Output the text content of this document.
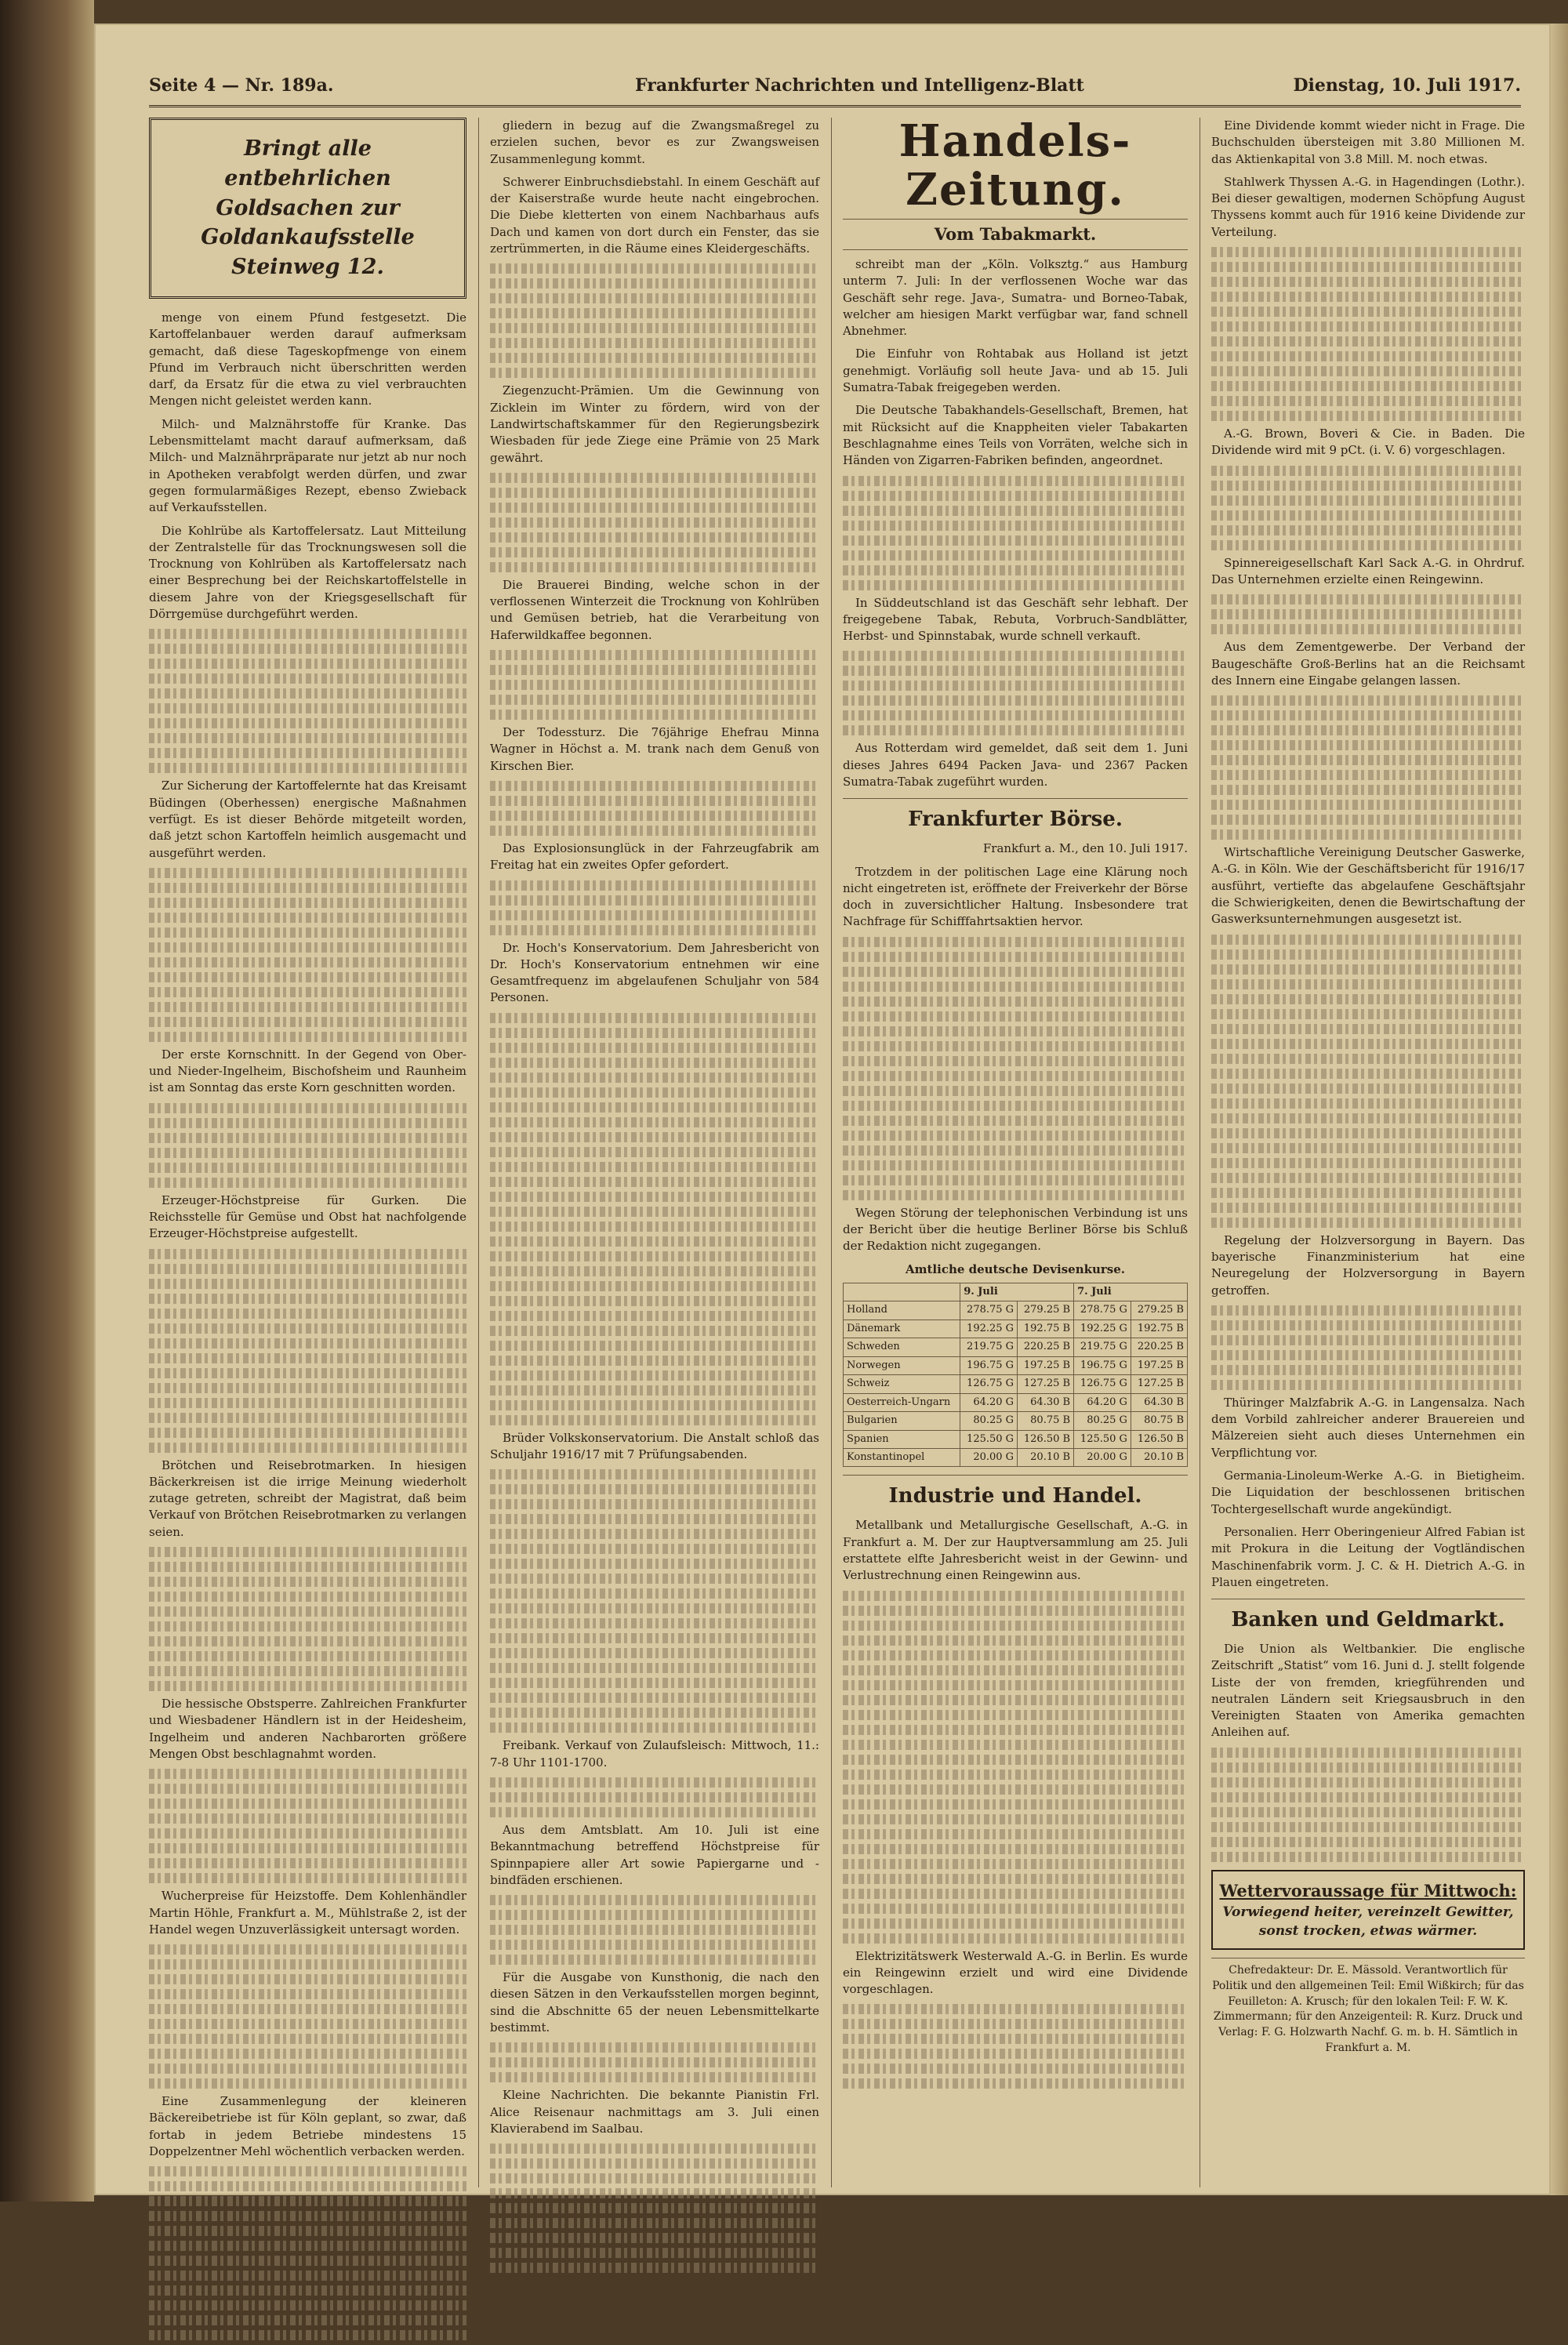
Seite 4 — Nr. 189a.	Frankfurter Nachrichten und Intelligenz-Blatt	Dienstag, 10. Juli 1917.
Bringt alle entbehrlichen Goldsachen zur Goldankaufsstelle Steinweg 12.

menge von einem Pfund festgesetzt. Die Kartoffelanbauer werden darauf aufmerksam gemacht, daß diese Tageskopfmenge von einem Pfund im Verbrauch nicht überschritten werden darf, da Ersatz für die etwa zu viel verbrauchten Mengen nicht geleistet werden kann.

Milch- und Malznährstoffe für Kranke. Das Lebensmittelamt macht darauf aufmerksam, daß Milch- und Malznährpräparate nur jetzt ab nur noch in Apotheken verabfolgt werden dürfen, und zwar gegen formularmäßiges Rezept, ebenso Zwieback auf Verkaufsstellen.

Die Kohlrübe als Kartoffelersatz. Laut Mitteilung der Zentralstelle für das Trocknungswesen soll die Trocknung von Kohlrüben als Kartoffelersatz nach einer Besprechung bei der Reichskartoffelstelle in diesem Jahre von der Kriegsgesellschaft für Dörrgemüse durchgeführt werden.

Zur Sicherung der Kartoffelernte hat das Kreisamt Büdingen (Oberhessen) energische Maßnahmen verfügt. Es ist dieser Behörde mitgeteilt worden, daß jetzt schon Kartoffeln heimlich ausgemacht und ausgeführt werden.

Der erste Kornschnitt. In der Gegend von Ober- und Nieder-Ingelheim, Bischofsheim und Raunheim ist am Sonntag das erste Korn geschnitten worden.

Erzeuger-Höchstpreise für Gurken. Die Reichsstelle für Gemüse und Obst hat nachfolgende Erzeuger-Höchstpreise aufgestellt.

Brötchen und Reisebrotmarken. In hiesigen Bäckerkreisen ist die irrige Meinung wiederholt zutage getreten, schreibt der Magistrat, daß beim Verkauf von Brötchen Reisebrotmarken zu verlangen seien.

Die hessische Obstsperre. Zahlreichen Frankfurter und Wiesbadener Händlern ist in der Heidesheim, Ingelheim und anderen Nachbarorten größere Mengen Obst beschlagnahmt worden.

Wucherpreise für Heizstoffe. Dem Kohlenhändler Martin Höhle, Frankfurt a. M., Mühlstraße 2, ist der Handel wegen Unzuverlässigkeit untersagt worden.

Eine Zusammenlegung der kleineren Bäckereibetriebe ist für Köln geplant, so zwar, daß fortab in jedem Betriebe mindestens 15 Doppelzentner Mehl wöchentlich verbacken werden.

gliedern in bezug auf die Zwangsmaßregel zu erzielen suchen, bevor es zur Zwangsweisen Zusammenlegung kommt.

Schwerer Einbruchsdiebstahl. In einem Geschäft auf der Kaiserstraße wurde heute nacht eingebrochen. Die Diebe kletterten von einem Nachbarhaus aufs Dach und kamen von dort durch ein Fenster, das sie zertrümmerten, in die Räume eines Kleidergeschäfts.

Ziegenzucht-Prämien. Um die Gewinnung von Zicklein im Winter zu fördern, wird von der Landwirtschaftskammer für den Regierungsbezirk Wiesbaden für jede Ziege eine Prämie von 25 Mark gewährt.

Die Brauerei Binding, welche schon in der verflossenen Winterzeit die Trocknung von Kohlrüben und Gemüsen betrieb, hat die Verarbeitung von Haferwildkaffee begonnen.

Der Todessturz. Die 76jährige Ehefrau Minna Wagner in Höchst a. M. trank nach dem Genuß von Kirschen Bier.

Das Explosionsunglück in der Fahrzeugfabrik am Freitag hat ein zweites Opfer gefordert.

Dr. Hoch's Konservatorium. Dem Jahresbericht von Dr. Hoch's Konservatorium entnehmen wir eine Gesamtfrequenz im abgelaufenen Schuljahr von 584 Personen.

Brüder Volkskonservatorium. Die Anstalt schloß das Schuljahr 1916/17 mit 7 Prüfungsabenden.

Freibank. Verkauf von Zulaufsleisch: Mittwoch, 11.: 7-8 Uhr 1101-1700.

Aus dem Amtsblatt. Am 10. Juli ist eine Bekanntmachung betreffend Höchstpreise für Spinnpapiere aller Art sowie Papiergarne und -bindfäden erschienen.

Für die Ausgabe von Kunsthonig, die nach den diesen Sätzen in den Verkaufsstellen morgen beginnt, sind die Abschnitte 65 der neuen Lebensmittelkarte bestimmt.

Kleine Nachrichten. Die bekannte Pianistin Frl. Alice Reisenaur nachmittags am 3. Juli einen Klavierabend im Saalbau.

Handels-Zeitung.
Vom Tabakmarkt.

schreibt man der „Köln. Volksztg.“ aus Hamburg unterm 7. Juli: In der verflossenen Woche war das Geschäft sehr rege. Java-, Sumatra- und Borneo-Tabak, welcher am hiesigen Markt verfügbar war, fand schnell Abnehmer.

Die Einfuhr von Rohtabak aus Holland ist jetzt genehmigt. Vorläufig soll heute Java- und ab 15. Juli Sumatra-Tabak freigegeben werden.

Die Deutsche Tabakhandels-Gesellschaft, Bremen, hat mit Rücksicht auf die Knappheiten vieler Tabakarten Beschlagnahme eines Teils von Vorräten, welche sich in Händen von Zigarren-Fabriken befinden, angeordnet.

In Süddeutschland ist das Geschäft sehr lebhaft. Der freigegebene Tabak, Rebuta, Vorbruch-Sandblätter, Herbst- und Spinnstabak, wurde schnell verkauft.

Aus Rotterdam wird gemeldet, daß seit dem 1. Juni dieses Jahres 6494 Packen Java- und 2367 Packen Sumatra-Tabak zugeführt wurden.

Frankfurter Börse.

Frankfurt a. M., den 10. Juli 1917.

Trotzdem in der politischen Lage eine Klärung noch nicht eingetreten ist, eröffnete der Freiverkehr der Börse doch in zuversichtlicher Haltung. Insbesondere trat Nachfrage für Schifffahrtsaktien hervor.

Wegen Störung der telephonischen Verbindung ist uns der Bericht über die heutige Berliner Börse bis Schluß der Redaktion nicht zugegangen.

Amtliche deutsche Devisenkurse.
	9. Juli		7. Juli	
Holland	278.75 G	279.25 B	278.75 G	279.25 B
Dänemark	192.25 G	192.75 B	192.25 G	192.75 B
Schweden	219.75 G	220.25 B	219.75 G	220.25 B
Norwegen	196.75 G	197.25 B	196.75 G	197.25 B
Schweiz	126.75 G	127.25 B	126.75 G	127.25 B
Oesterreich-Ungarn	64.20 G	64.30 B	64.20 G	64.30 B
Bulgarien	80.25 G	80.75 B	80.25 G	80.75 B
Spanien	125.50 G	126.50 B	125.50 G	126.50 B
Konstantinopel	20.00 G	20.10 B	20.00 G	20.10 B
Industrie und Handel.

Metallbank und Metallurgische Gesellschaft, A.-G. in Frankfurt a. M. Der zur Hauptversammlung am 25. Juli erstattete elfte Jahresbericht weist in der Gewinn- und Verlustrechnung einen Reingewinn aus.

Elektrizitätswerk Westerwald A.-G. in Berlin. Es wurde ein Reingewinn erzielt und wird eine Dividende vorgeschlagen.

Eine Dividende kommt wieder nicht in Frage. Die Buchschulden übersteigen mit 3.80 Millionen M. das Aktienkapital von 3.8 Mill. M. noch etwas.

Stahlwerk Thyssen A.-G. in Hagendingen (Lothr.). Bei dieser gewaltigen, modernen Schöpfung August Thyssens kommt auch für 1916 keine Dividende zur Verteilung.

A.-G. Brown, Boveri & Cie. in Baden. Die Dividende wird mit 9 pCt. (i. V. 6) vorgeschlagen.

Spinnereigesellschaft Karl Sack A.-G. in Ohrdruf. Das Unternehmen erzielte einen Reingewinn.

Aus dem Zementgewerbe. Der Verband der Baugeschäfte Groß-Berlins hat an die Reichsamt des Innern eine Eingabe gelangen lassen.

Wirtschaftliche Vereinigung Deutscher Gaswerke, A.-G. in Köln. Wie der Geschäftsbericht für 1916/17 ausführt, vertiefte das abgelaufene Geschäftsjahr die Schwierigkeiten, denen die Bewirtschaftung der Gaswerksunternehmungen ausgesetzt ist.

Regelung der Holzversorgung in Bayern. Das bayerische Finanzministerium hat eine Neuregelung der Holzversorgung in Bayern getroffen.

Thüringer Malzfabrik A.-G. in Langensalza. Nach dem Vorbild zahlreicher anderer Brauereien und Mälzereien sieht auch dieses Unternehmen ein Verpflichtung vor.

Germania-Linoleum-Werke A.-G. in Bietigheim. Die Liquidation der beschlossenen britischen Tochtergesellschaft wurde angekündigt.

Personalien. Herr Oberingenieur Alfred Fabian ist mit Prokura in die Leitung der Vogtländischen Maschinenfabrik vorm. J. C. & H. Dietrich A.-G. in Plauen eingetreten.

Banken und Geldmarkt.

Die Union als Weltbankier. Die englische Zeitschrift „Statist“ vom 16. Juni d. J. stellt folgende Liste der von fremden, kriegführenden und neutralen Ländern seit Kriegsausbruch in den Vereinigten Staaten von Amerika gemachten Anleihen auf.

Wettervoraussage für Mittwoch:
Vorwiegend heiter, vereinzelt Gewitter, sonst trocken, etwas wärmer.
Chefredakteur: Dr. E. Mässold. Verantwortlich für Politik und den allgemeinen Teil: Emil Wißkirch; für das Feuilleton: A. Krusch; für den lokalen Teil: F. W. K. Zimmermann; für den Anzeigenteil: R. Kurz. Druck und Verlag: F. G. Holzwarth Nachf. G. m. b. H. Sämtlich in Frankfurt a. M.
